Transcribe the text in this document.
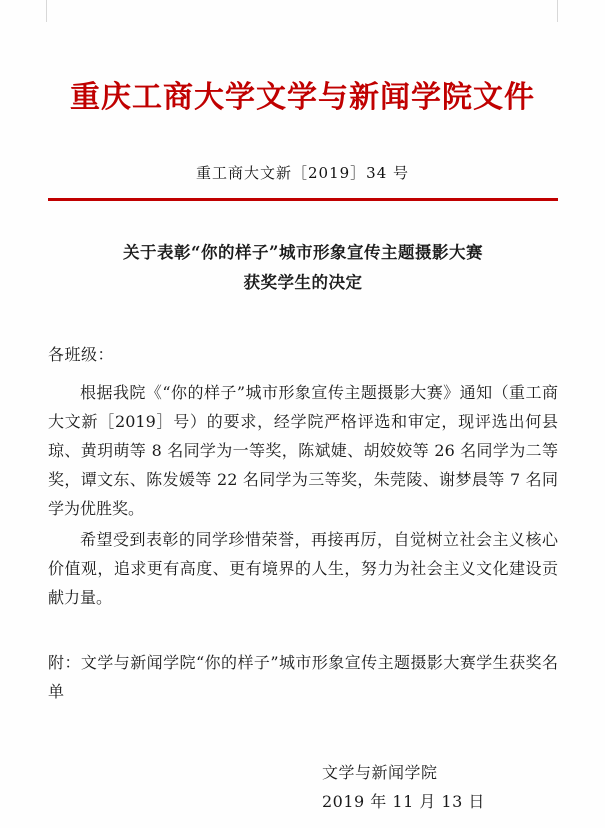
重庆工商大学文学与新闻学院文件
重工商大文新［2019］34 号
关于表彰“你的样子”城市形象宣传主题摄影大赛
获奖学生的决定
各班级：

根据我院《“你的样子”城市形象宣传主题摄影大赛》通知（重工商大文新［2019］号）的要求，经学院严格评选和审定，现评选出何县琼、黄玥萌等 8 名同学为一等奖，陈斌婕、胡姣姣等 26 名同学为二等奖，谭文东、陈发媛等 22 名同学为三等奖，朱莞陵、谢梦晨等 7 名同学为优胜奖。

希望受到表彰的同学珍惜荣誉，再接再厉，自觉树立社会主义核心价值观，追求更有高度、更有境界的人生，努力为社会主义文化建设贡献力量。

附：文学与新闻学院“你的样子”城市形象宣传主题摄影大赛学生获奖名单
文学与新闻学院
2019 年 11 月 13 日
